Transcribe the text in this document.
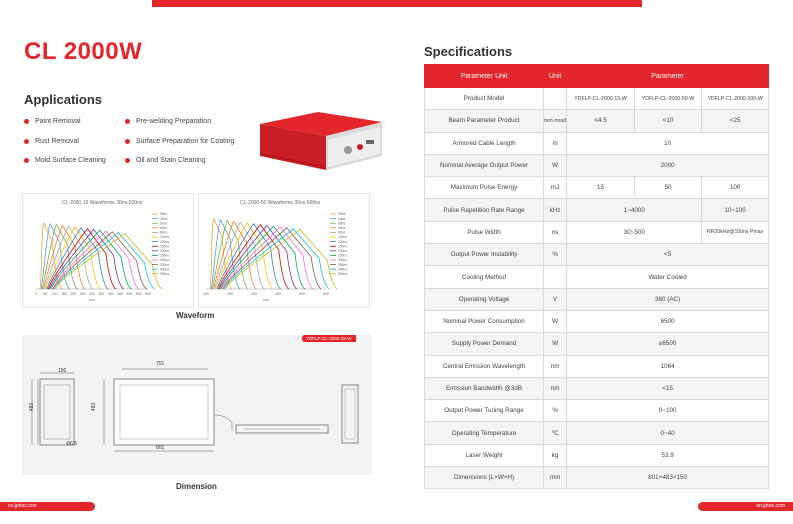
CL 2000W
Applications
Paint Removal	Pre-welding Preparation
Rust Removal	Surface Preparation for Coating
Mold Surface Cleaning	Oil and Stain Cleaning
CL-2000-15 Waveforms 30ns-500ns
0 50 100 150 200 250 300 350 400 450 500 550 600
t/ns
30ns
40ns
50ns
60ns
80ns
100ns
120ns
150ns
200ns
250ns
300ns
350ns
400ns
500ns
CL-2000-50 Waveforms 30ns-500ns
100	200	300	400	500	600
t/ns
30ns
40ns
50ns
60ns
80ns
100ns
120ns
150ns
200ns
250ns
300ns
350ns
400ns
500ns
Waveform
YDFLP-CL-2000-15-W
751
801
483
150
483
Φ6.5
Dimension
Specifications
Parameter Unit	Unit	Parameter		
Product Model		YDFLP-CL-2000-15-W	YDFLP-CL-2000-50-W	YDFLP-CL-2000-100-W
Beam Parameter Product	mm·mrad	<4.5	<10	<25
Armored Cable Length	m	10		
Nominal Average Output Power	W	2000		
Maximum Pulse Energy	mJ	15	50	100
Pulse Repetition Rate Range	kHz	1~4000		10~100
Pulse Width	ns	30~500		RR20kHz@100ns Pmax
Output Power Instability	%	<5		
Cooling Method		Water Cooled		
Operating Voltage	V	380 (AC)		
Nominal Power Consumption	W	6500		
Supply Power Demand	W	≥6500		
Central Emission Wavelength	nm	1064		
Emission Bandwidth @3dB	nm	<15		
Output Power Tuning Range	%	0~100		
Operating Temperature	℃	0~40		
Laser Weight	kg	53.9		
Dimensions (L×W×H)	mm	801×483×150		
en.jptoe.com	en.jptoe.com
